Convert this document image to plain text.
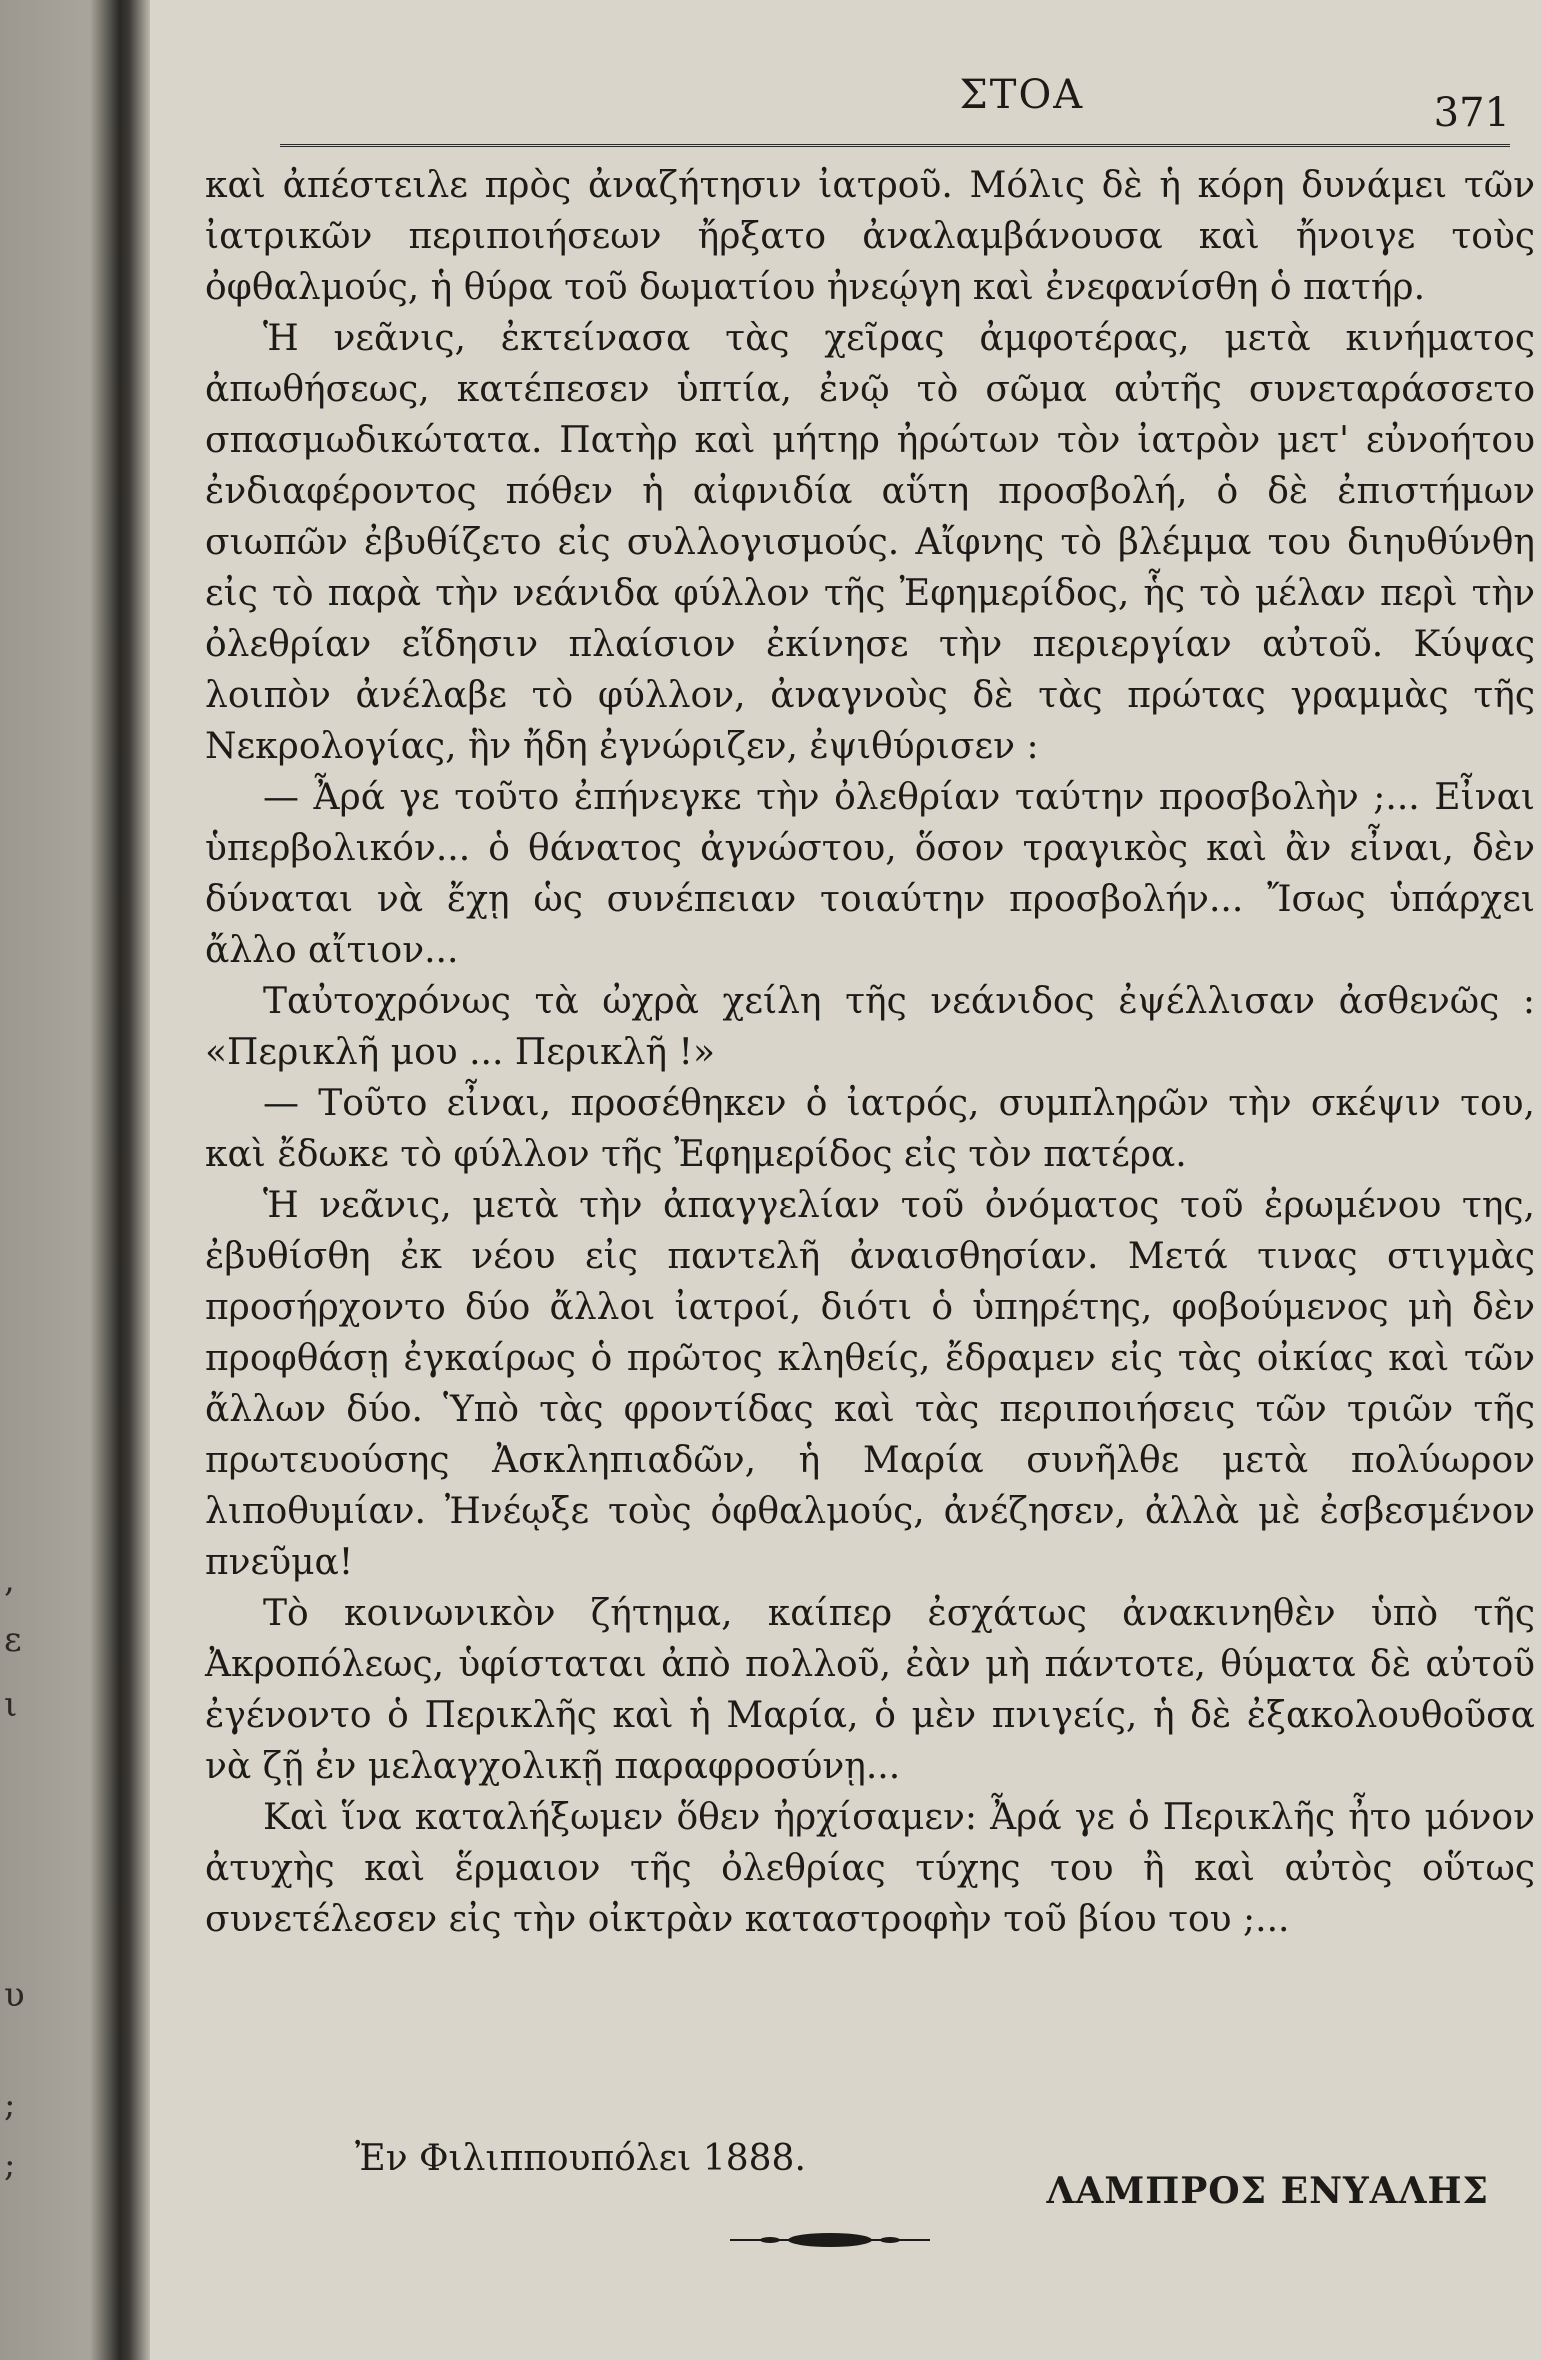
,
ε
ι
υ
;
;
ΣΤΟΑ	371

καὶ ἀπέστειλε πρὸς ἀναζήτησιν ἰατροῦ. Μόλις δὲ ἡ κόρη δυνάμει τῶν ἰατρικῶν περιποιήσεων ἤρξατο ἀναλαμβάνουσα καὶ ἤνοιγε τοὺς ὀφθαλμούς, ἡ θύρα τοῦ δωματίου ἠνεῴγη καὶ ἐνεφανίσθη ὁ πατήρ.

Ἡ νεᾶνις, ἐκτείνασα τὰς χεῖρας ἀμφοτέρας, μετὰ κινήματος ἀπωθήσεως, κατέπεσεν ὑπτία, ἐνῷ τὸ σῶμα αὐτῆς συνεταράσσετο σπασμωδικώτατα. Πατὴρ καὶ μήτηρ ἠρώτων τὸν ἰατρὸν μετ' εὐνοήτου ἐνδιαφέροντος πόθεν ἡ αἰφνιδία αὕτη προσβολή, ὁ δὲ ἐπιστήμων σιωπῶν ἐβυθίζετο εἰς συλλογισμούς. Αἴφνης τὸ βλέμμα του διηυθύνθη εἰς τὸ παρὰ τὴν νεάνιδα φύλλον τῆς Ἐφημερίδος, ἧς τὸ μέλαν περὶ τὴν ὀλεθρίαν εἴδησιν πλαίσιον ἐκίνησε τὴν περιεργίαν αὐτοῦ. Κύψας λοιπὸν ἀνέλαβε τὸ φύλλον, ἀναγνοὺς δὲ τὰς πρώτας γραμμὰς τῆς Νεκρολογίας, ἣν ἤδη ἐγνώριζεν, ἐψιθύρισεν :

— Ἆρά γε τοῦτο ἐπήνεγκε τὴν ὀλεθρίαν ταύτην προσβολὴν ;... Εἶναι ὑπερβολικόν... ὁ θάνατος ἀγνώστου, ὅσον τραγικὸς καὶ ἂν εἶναι, δὲν δύναται νὰ ἔχῃ ὡς συνέπειαν τοιαύτην προσβολήν... Ἴσως ὑπάρχει ἄλλο αἴτιον...

Ταὐτοχρόνως τὰ ὠχρὰ χείλη τῆς νεάνιδος ἐψέλλισαν ἀσθενῶς : «Περικλῆ μου ... Περικλῆ !»

— Τοῦτο εἶναι, προσέθηκεν ὁ ἰατρός, συμπληρῶν τὴν σκέψιν του, καὶ ἔδωκε τὸ φύλλον τῆς Ἐφημερίδος εἰς τὸν πατέρα.

Ἡ νεᾶνις, μετὰ τὴν ἀπαγγελίαν τοῦ ὀνόματος τοῦ ἐρωμένου της, ἐβυθίσθη ἐκ νέου εἰς παντελῆ ἀναισθησίαν. Μετά τινας στιγμὰς προσήρχοντο δύο ἄλλοι ἰατροί, διότι ὁ ὑπηρέτης, φοβούμενος μὴ δὲν προφθάσῃ ἐγκαίρως ὁ πρῶτος κληθείς, ἔδραμεν εἰς τὰς οἰκίας καὶ τῶν ἄλλων δύο. Ὑπὸ τὰς φροντίδας καὶ τὰς περιποιήσεις τῶν τριῶν τῆς πρωτευούσης Ἀσκληπιαδῶν, ἡ Μαρία συνῆλθε μετὰ πολύωρον λιποθυμίαν. Ἠνέῳξε τοὺς ὀφθαλμούς, ἀνέζησεν, ἀλλὰ μὲ ἐσβεσμένον πνεῦμα!

Τὸ κοινωνικὸν ζήτημα, καίπερ ἐσχάτως ἀνακινηθὲν ὑπὸ τῆς Ἀκροπόλεως, ὑφίσταται ἀπὸ πολλοῦ, ἐὰν μὴ πάντοτε, θύματα δὲ αὐτοῦ ἐγένοντο ὁ Περικλῆς καὶ ἡ Μαρία, ὁ μὲν πνιγείς, ἡ δὲ ἐξακολουθοῦσα νὰ ζῇ ἐν μελαγχολικῇ παραφροσύνῃ...

Καὶ ἵνα καταλήξωμεν ὅθεν ἠρχίσαμεν: Ἆρά γε ὁ Περικλῆς ἦτο μόνον ἀτυχὴς καὶ ἕρμαιον τῆς ὀλεθρίας τύχης του ἢ καὶ αὐτὸς οὕτως συνετέλεσεν εἰς τὴν οἰκτρὰν καταστροφὴν τοῦ βίου του ;...

Ἐν Φιλιππουπόλει 1888.
ΛΑΜΠΡΟΣ ΕΝΥΑΛΗΣ
